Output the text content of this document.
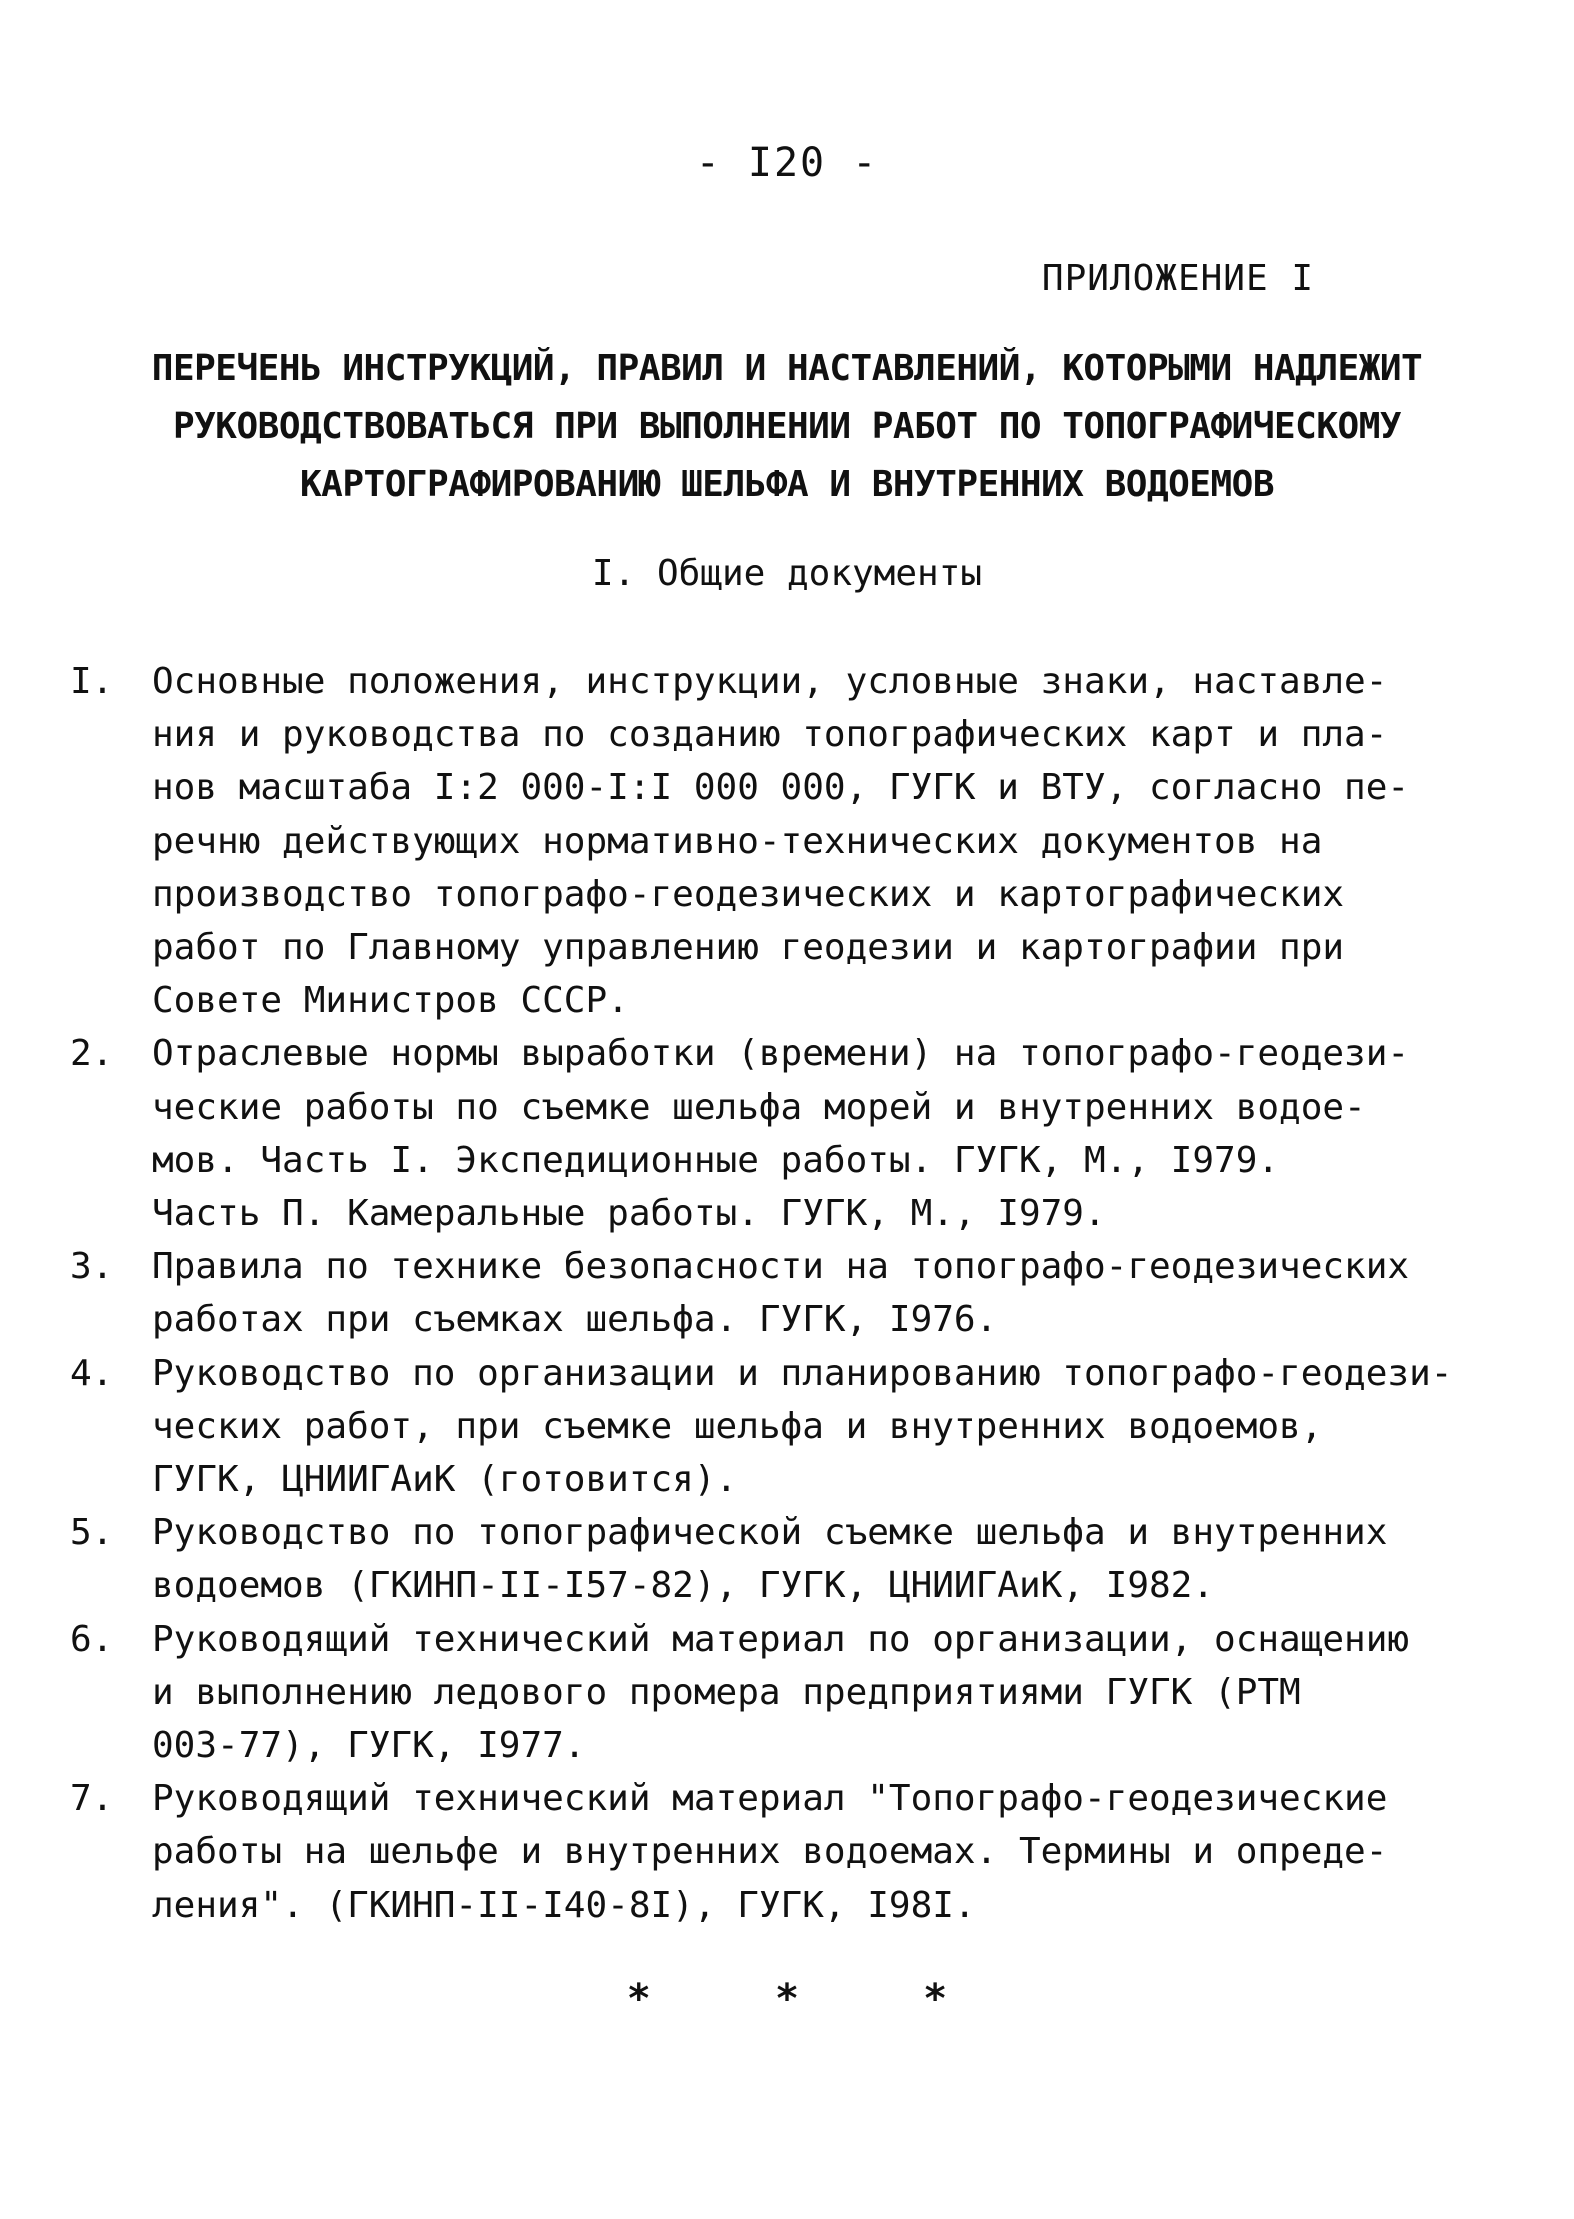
- I20 -
ПРИЛОЖЕНИЕ I
ПЕРЕЧЕНЬ ИНСТРУКЦИЙ, ПРАВИЛ И НАСТАВЛЕНИЙ, КОТОРЫМИ НАДЛЕЖИТ
РУКОВОДСТВОВАТЬСЯ ПРИ ВЫПОЛНЕНИИ РАБОТ ПО ТОПОГРАФИЧЕСКОМУ
КАРТОГРАФИРОВАНИЮ ШЕЛЬФА И ВНУТРЕННИХ ВОДОЕМОВ
I. Общие документы
I. Основные положения, инструкции, условные знаки, наставле-
ния и руководства по созданию топографических карт и пла-
нов масштаба I:2 000-I:I 000 000, ГУГК и ВТУ, согласно пе-
речню действующих нормативно-технических документов на
производство топографо-геодезических и картографических
работ по Главному управлению геодезии и картографии при
Совете Министров СССР.
2. Отраслевые нормы выработки (времени) на топографо-геодези-
ческие работы по съемке шельфа морей и внутренних водое-
мов. Часть I. Экспедиционные работы. ГУГК, М., I979.
Часть П. Камеральные работы. ГУГК, М., I979.
3. Правила по технике безопасности на топографо-геодезических
работах при съемках шельфа. ГУГК, I976.
4. Руководство по организации и планированию топографо-геодези-
ческих работ, при съемке шельфа и внутренних водоемов,
ГУГК, ЦНИИГАиК (готовится).
5. Руководство по топографической съемке шельфа и внутренних
водоемов (ГКИНП-II-I57-82), ГУГК, ЦНИИГАиК, I982.
6. Руководящий технический материал по организации, оснащению
и выполнению ледового промера предприятиями ГУГК (РТМ
003-77), ГУГК, I977.
7. Руководящий технический материал "Топографо-геодезические
работы на шельфе и внутренних водоемах. Термины и опреде-
ления". (ГКИНП-II-I40-8I), ГУГК, I98I.
* * *
